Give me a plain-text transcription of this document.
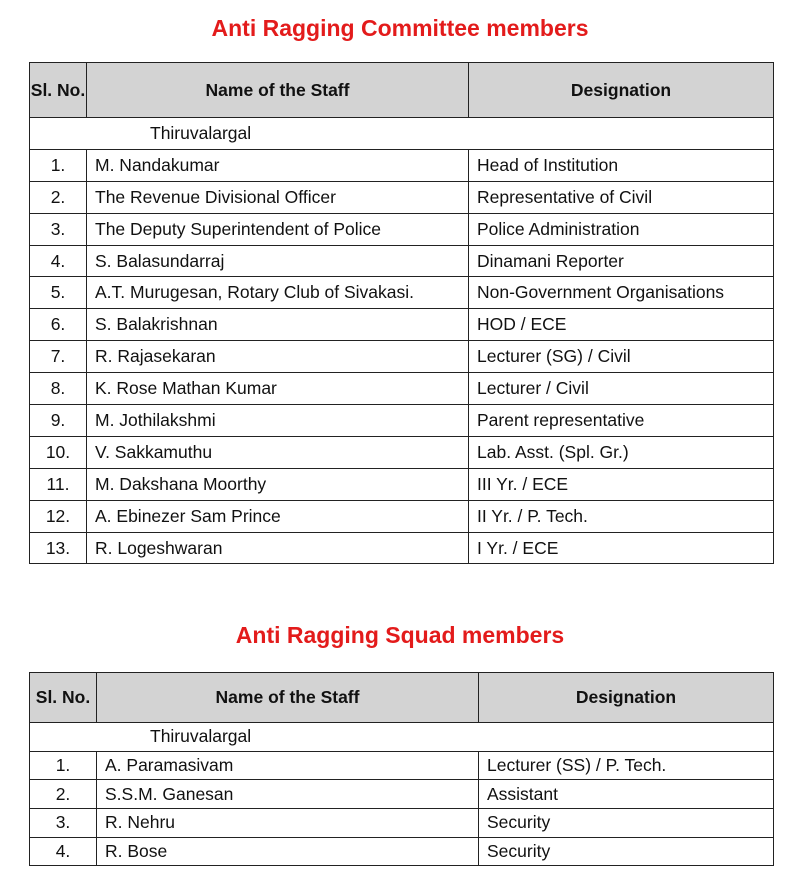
Anti Ragging Committee members
Sl. No.	Name of the Staff	Designation
Thiruvalargal		
1.	M. Nandakumar	Head of Institution
2.	The Revenue Divisional Officer	Representative of Civil
3.	The Deputy Superintendent of Police	Police Administration
4.	S. Balasundarraj	Dinamani Reporter
5.	A.T. Murugesan, Rotary Club of Sivakasi.	Non-Government Organisations
6.	S. Balakrishnan	HOD / ECE
7.	R. Rajasekaran	Lecturer (SG) / Civil
8.	K. Rose Mathan Kumar	Lecturer / Civil
9.	M. Jothilakshmi	Parent representative
10.	V. Sakkamuthu	Lab. Asst. (Spl. Gr.)
11.	M. Dakshana Moorthy	III Yr. / ECE
12.	A. Ebinezer Sam Prince	II Yr. / P. Tech.
13.	R. Logeshwaran	I Yr. / ECE
Anti Ragging Squad members
Sl. No.	Name of the Staff	Designation
Thiruvalargal		
1.	A. Paramasivam	Lecturer (SS) / P. Tech.
2.	S.S.M. Ganesan	Assistant
3.	R. Nehru	Security
4.	R. Bose	Security
